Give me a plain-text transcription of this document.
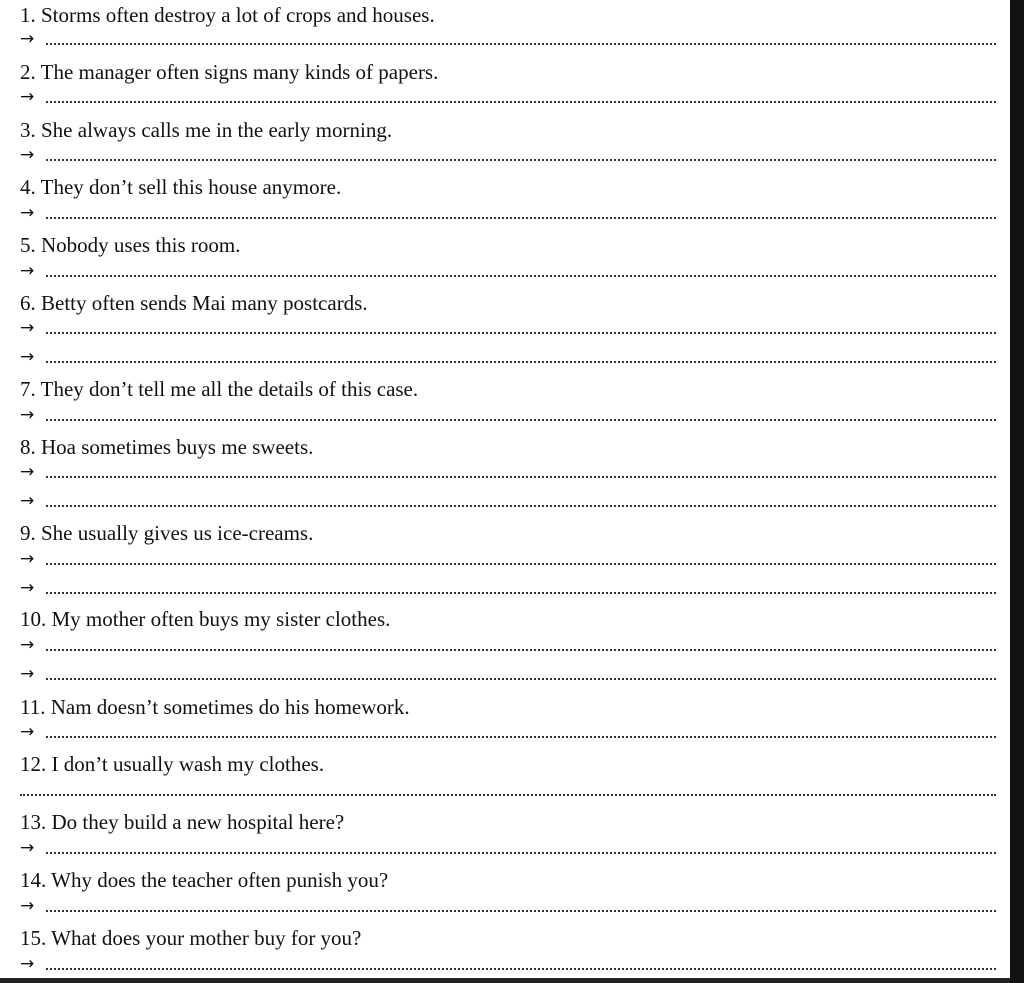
1. Storms often destroy a lot of crops and houses.
→
2. The manager often signs many kinds of papers.
→
3. She always calls me in the early morning.
→
4. They don’t sell this house anymore.
→
5. Nobody uses this room.
→
6. Betty often sends Mai many postcards.
→
→
7. They don’t tell me all the details of this case.
→
8. Hoa sometimes buys me sweets.
→
→
9. She usually gives us ice-creams.
→
→
10. My mother often buys my sister clothes.
→
→
11. Nam doesn’t sometimes do his homework.
→
12. I don’t usually wash my clothes.
13. Do they build a new hospital here?
→
14. Why does the teacher often punish you?
→
15. What does your mother buy for you?
→
